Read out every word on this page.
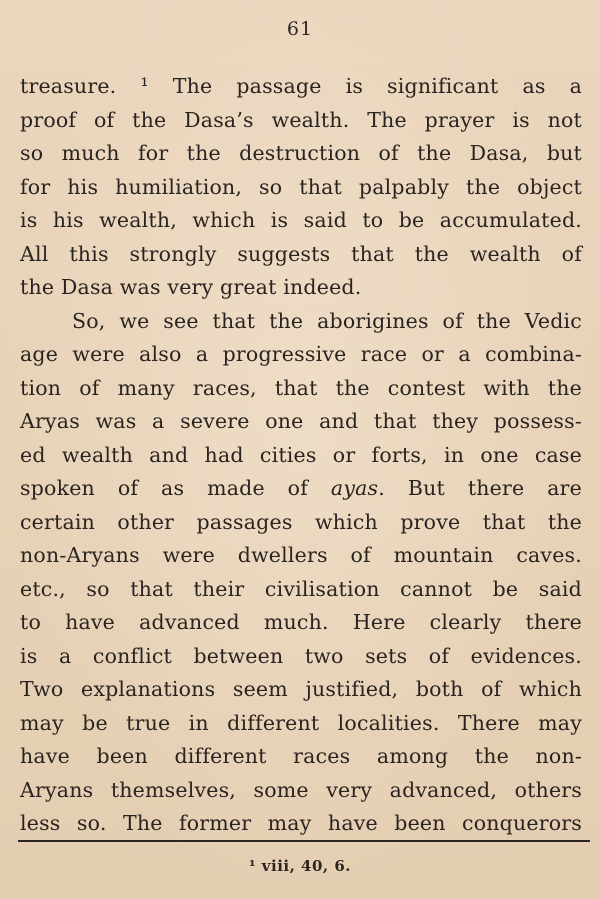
61
treasure. ¹ The passage is significant as a
proof of the Dasa’s wealth. The prayer is not
so much for the destruction of the Dasa, but
for his humiliation, so that palpably the object
is his wealth, which is said to be accumulated.
All this strongly suggests that the wealth of
the Dasa was very great indeed.
So, we see that the aborigines of the Vedic
age were also a progressive race or a combina-
tion of many races, that the contest with the
Aryas was a severe one and that they possess-
ed wealth and had cities or forts, in one case
spoken of as made of ayas. But there are
certain other passages which prove that the
non-Aryans were dwellers of mountain caves.
etc., so that their civilisation cannot be said
to have advanced much. Here clearly there
is a conflict between two sets of evidences.
Two explanations seem justified, both of which
may be true in different localities. There may
have been different races among the non-
Aryans themselves, some very advanced, others
less so. The former may have been conquerors
¹ viii, 40, 6.
